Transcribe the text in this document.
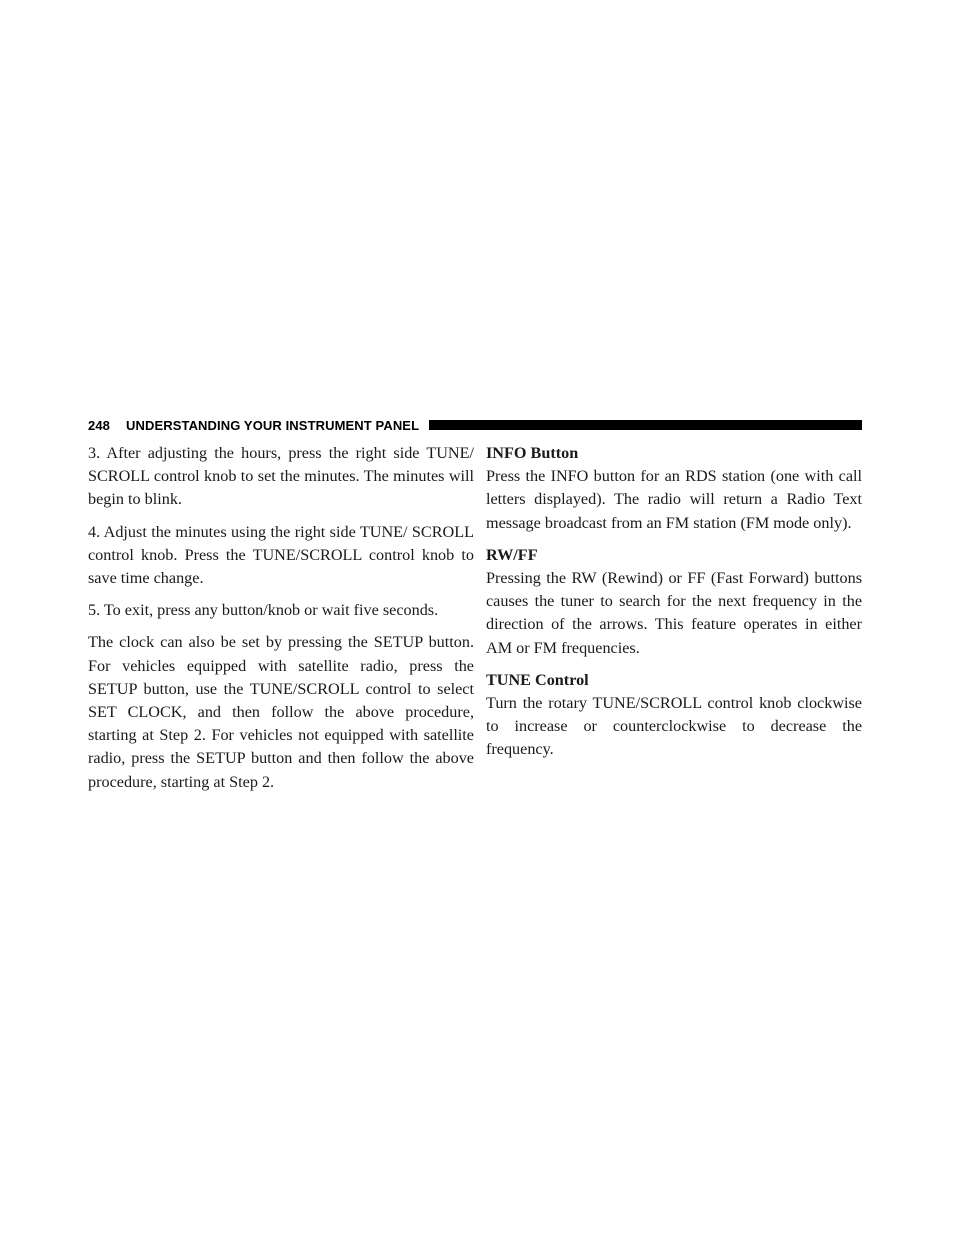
248	UNDERSTANDING YOUR INSTRUMENT PANEL

3. After adjusting the hours, press the right side TUNE/ SCROLL control knob to set the minutes. The minutes will begin to blink.

4. Adjust the minutes using the right side TUNE/ SCROLL control knob. Press the TUNE/SCROLL control knob to save time change.

5. To exit, press any button/knob or wait five seconds.

The clock can also be set by pressing the SETUP button. For vehicles equipped with satellite radio, press the SETUP button, use the TUNE/SCROLL control to select SET CLOCK, and then follow the above procedure, starting at Step 2. For vehicles not equipped with satellite radio, press the SETUP button and then follow the above procedure, starting at Step 2.

INFO Button

Press the INFO button for an RDS station (one with call letters displayed). The radio will return a Radio Text message broadcast from an FM station (FM mode only).

RW/FF

Pressing the RW (Rewind) or FF (Fast Forward) buttons causes the tuner to search for the next frequency in the direction of the arrows. This feature operates in either AM or FM frequencies.

TUNE Control

Turn the rotary TUNE/SCROLL control knob clockwise to increase or counterclockwise to decrease the frequency.
